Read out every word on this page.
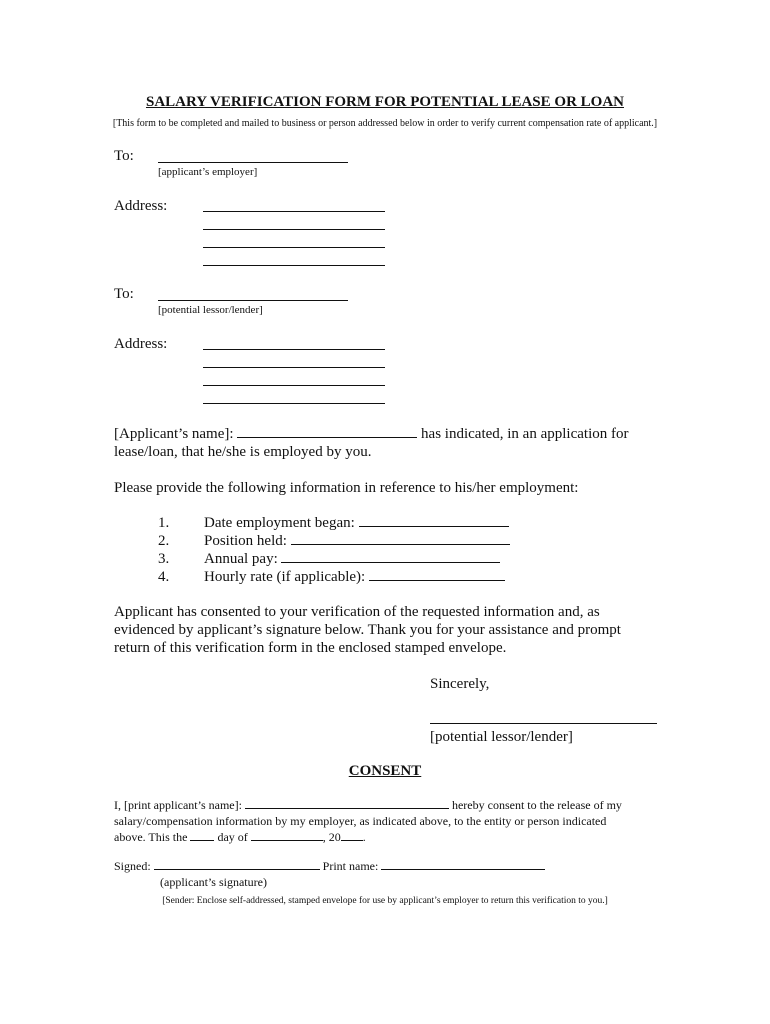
SALARY VERIFICATION FORM FOR POTENTIAL LEASE OR LOAN
[This form to be completed and mailed to business or person addressed below in order to verify current compensation rate of applicant.]
To:
[applicant’s employer]
Address:
To:
[potential lessor/lender]
Address:
[Applicant’s name]:	has indicated, in an application for
lease/loan, that he/she is employed by you.
Please provide the following information in reference to his/her employment:
1. Date employment began:
2. Position held:
3. Annual pay:
4. Hourly rate (if applicable):
Applicant has consented to your verification of the requested information and, as
evidenced by applicant’s signature below. Thank you for your assistance and prompt
return of this verification form in the enclosed stamped envelope.
Sincerely,
[potential lessor/lender]
CONSENT
I, [print applicant’s name]:	hereby consent to the release of my
salary/compensation information by my employer, as indicated above, to the entity or person indicated
above. This the	day of	, 20 .
Signed:	Print name:
(applicant’s signature)
[Sender: Enclose self-addressed, stamped envelope for use by applicant’s employer to return this verification to you.]
